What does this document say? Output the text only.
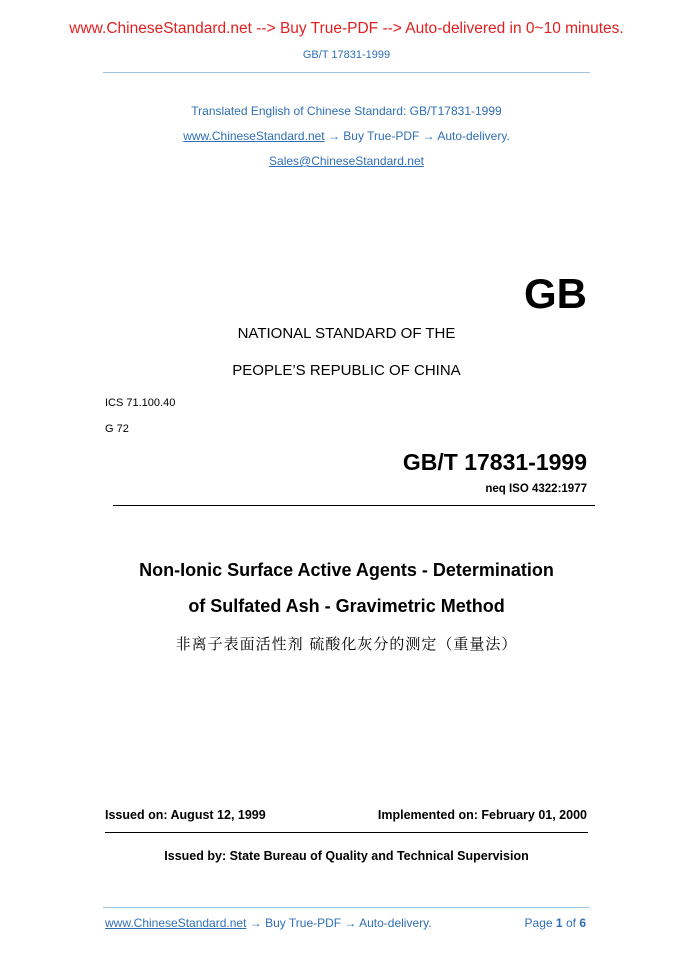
www.ChineseStandard.net --> Buy True-PDF --> Auto-delivered in 0~10 minutes.
GB/T 17831-1999
Translated English of Chinese Standard: GB/T17831-1999
www.ChineseStandard.net → Buy True-PDF → Auto-delivery.
Sales@ChineseStandard.net
GB
NATIONAL STANDARD OF THE
PEOPLE’S REPUBLIC OF CHINA
ICS 71.100.40
G 72
GB/T 17831-1999
neq ISO 4322:1977
Non-Ionic Surface Active Agents - Determination
of Sulfated Ash - Gravimetric Method
非离子表面活性剂 硫酸化灰分的测定（重量法）
Issued on: August 12, 1999	Implemented on: February 01, 2000
Issued by: State Bureau of Quality and Technical Supervision
www.ChineseStandard.net → Buy True-PDF → Auto-delivery.	Page 1 of 6
